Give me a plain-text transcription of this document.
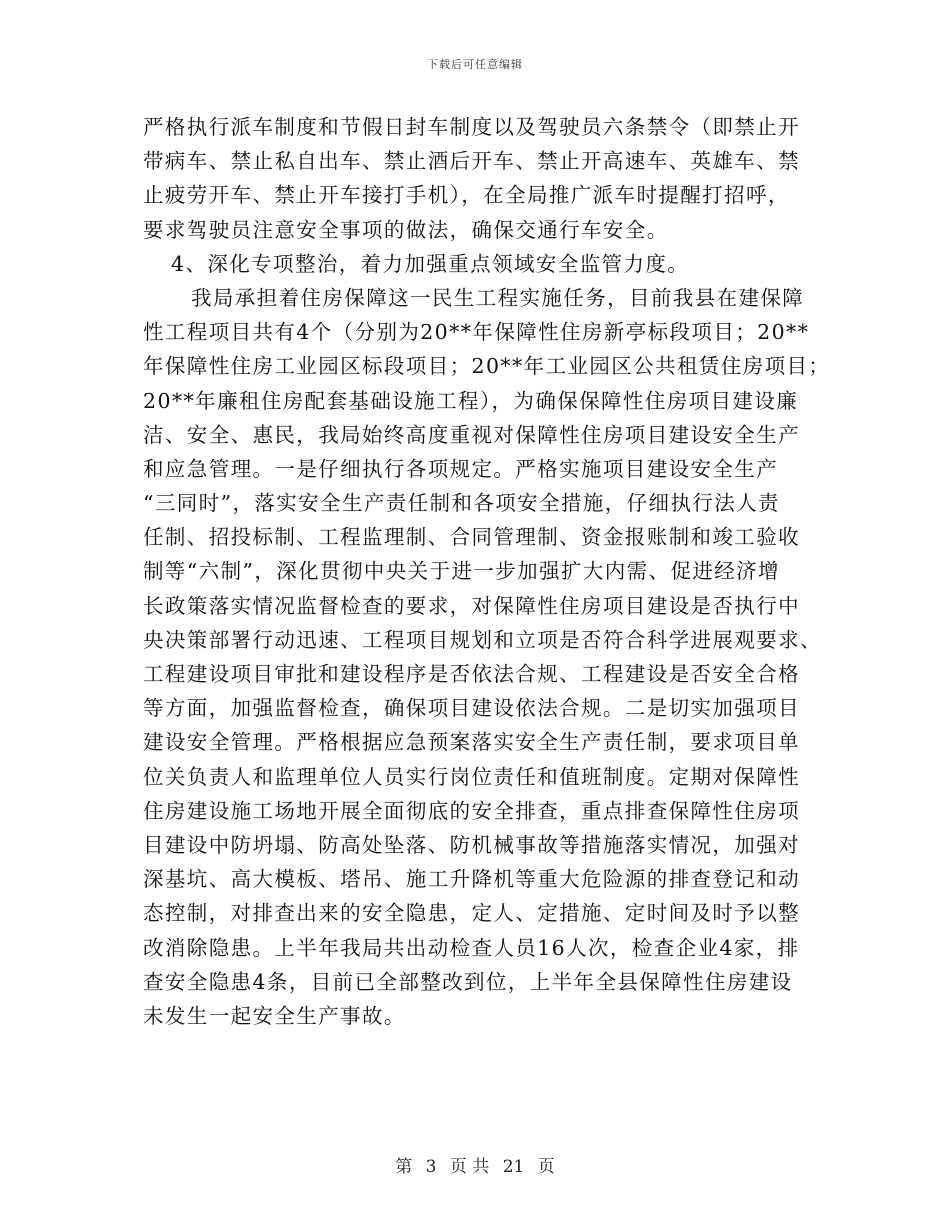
下载后可任意编辑
严格执行派车制度和节假日封车制度以及驾驶员六条禁令（即禁止开
带病车、禁止私自出车、禁止酒后开车、禁止开高速车、英雄车、禁
止疲劳开车、禁止开车接打手机），在全局推广派车时提醒打招呼，
要求驾驶员注意安全事项的做法，确保交通行车安全。
4、深化专项整治，着力加强重点领域安全监管力度。
我局承担着住房保障这一民生工程实施任务，目前我县在建保障
性工程项目共有4个（分别为20**年保障性住房新亭标段项目；20**
年保障性住房工业园区标段项目；20**年工业园区公共租赁住房项目；
20**年廉租住房配套基础设施工程），为确保保障性住房项目建设廉
洁、安全、惠民，我局始终高度重视对保障性住房项目建设安全生产
和应急管理。一是仔细执行各项规定。严格实施项目建设安全生产
“三同时”，落实安全生产责任制和各项安全措施，仔细执行法人责
任制、招投标制、工程监理制、合同管理制、资金报账制和竣工验收
制等“六制”，深化贯彻中央关于进一步加强扩大内需、促进经济增
长政策落实情况监督检查的要求，对保障性住房项目建设是否执行中
央决策部署行动迅速、工程项目规划和立项是否符合科学进展观要求、
工程建设项目审批和建设程序是否依法合规、工程建设是否安全合格
等方面，加强监督检查，确保项目建设依法合规。二是切实加强项目
建设安全管理。严格根据应急预案落实安全生产责任制，要求项目单
位关负责人和监理单位人员实行岗位责任和值班制度。定期对保障性
住房建设施工场地开展全面彻底的安全排查，重点排查保障性住房项
目建设中防坍塌、防高处坠落、防机械事故等措施落实情况，加强对
深基坑、高大模板、塔吊、施工升降机等重大危险源的排查登记和动
态控制，对排查出来的安全隐患，定人、定措施、定时间及时予以整
改消除隐患。上半年我局共出动检查人员16人次，检查企业4家，排
查安全隐患4条，目前已全部整改到位，上半年全县保障性住房建设
未发生一起安全生产事故。
第 3 页 共 21 页
